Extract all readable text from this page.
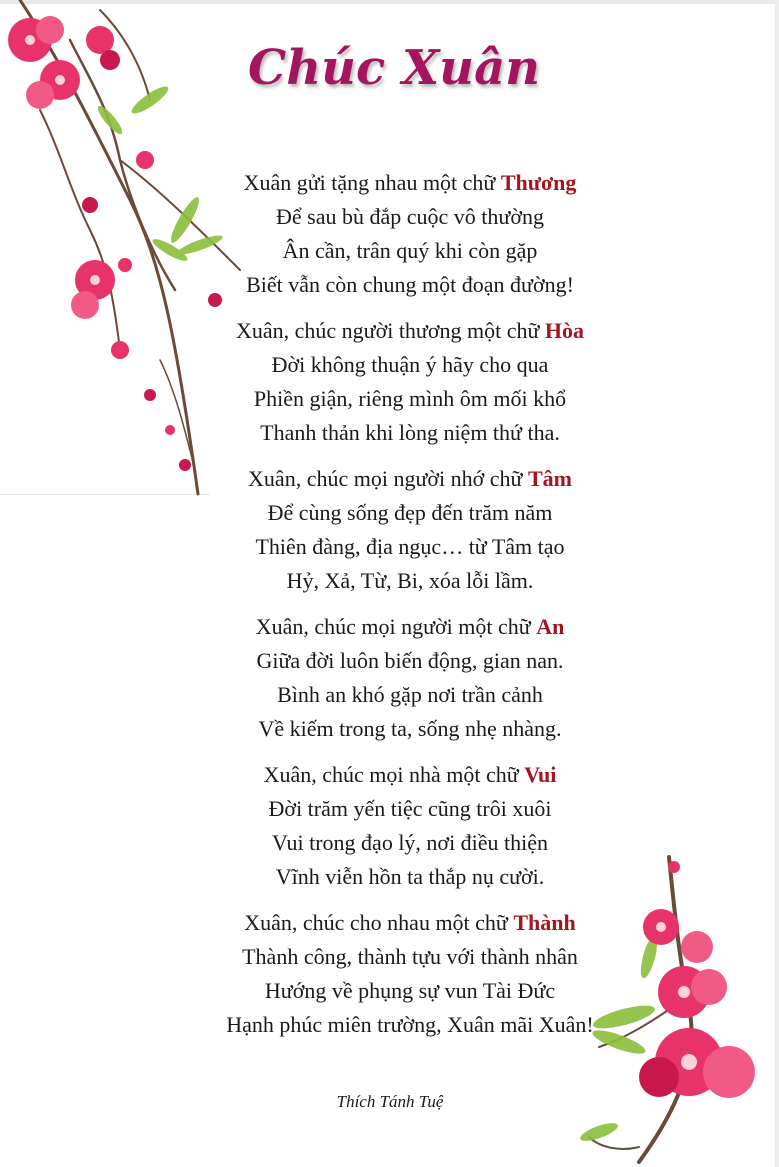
Chúc Xuân
Xuân gửi tặng nhau một chữ Thương
Để sau bù đắp cuộc vô thường
Ân cần, trân quý khi còn gặp
Biết vẫn còn chung một đoạn đường!
Xuân, chúc người thương một chữ Hòa
Đời không thuận ý hãy cho qua
Phiền giận, riêng mình ôm mối khổ
Thanh thản khi lòng niệm thứ tha.
Xuân, chúc mọi người nhớ chữ Tâm
Để cùng sống đẹp đến trăm năm
Thiên đàng, địa ngục… từ Tâm tạo
Hỷ, Xả, Từ, Bi, xóa lỗi lầm.
Xuân, chúc mọi người một chữ An
Giữa đời luôn biến động, gian nan.
Bình an khó gặp nơi trần cảnh
Về kiếm trong ta, sống nhẹ nhàng.
Xuân, chúc mọi nhà một chữ Vui
Đời trăm yến tiệc cũng trôi xuôi
Vui trong đạo lý, nơi điều thiện
Vĩnh viễn hồn ta thắp nụ cười.
Xuân, chúc cho nhau một chữ Thành
Thành công, thành tựu với thành nhân
Hướng về phụng sự vun Tài Đức
Hạnh phúc miên trường, Xuân mãi Xuân!
Thích Tánh Tuệ
